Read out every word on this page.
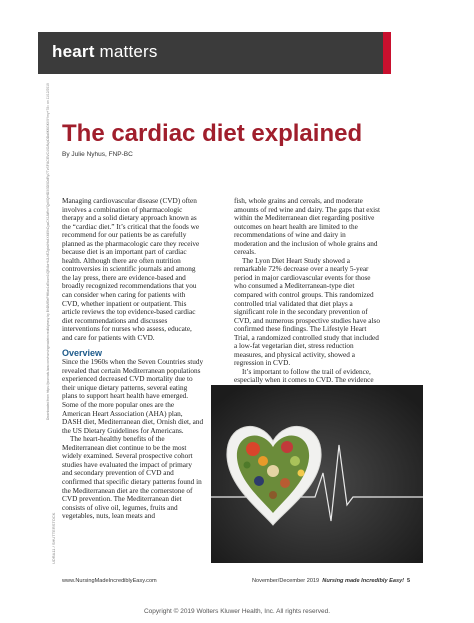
heart matters
The cardiac diet explained
By Julie Nyhus, FNP-BC
Downloaded from https://journals.lww.com/nursingmadeincrediblyeasy by BhDMf5ePHKav1zEoum1tQfN4a+kJLhEZgbsIHo4XMi0hCywCX1AWnYQp/IlQrHD3i3D0OdRyi7TvSFl4Cf3VC4/OAVpDDa8KKGKV0Ymy+78= on 11/12/2019
UDRA11 / SHUTTERSTOCK

Managing cardiovascular disease (CVD) often involves a combination of pharmacologic therapy and a solid dietary approach known as the “cardiac diet.” It’s critical that the foods we recommend for our patients be as carefully planned as the pharmacologic care they receive because diet is an important part of cardiac health. Although there are often nutrition controversies in scientific journals and among the lay press, there are evidence-based and broadly recognized recommendations that you can consider when caring for patients with CVD, whether inpatient or outpatient. This article reviews the top evidence-based cardiac diet recommendations and discusses interventions for nurses who assess, educate, and care for patients with CVD.

Overview

Since the 1960s when the Seven Countries study revealed that certain Mediterranean populations experienced decreased CVD mortality due to their unique dietary patterns, several eating plans to support heart health have emerged. Some of the more popular ones are the American Heart Association (AHA) plan, DASH diet, Mediterranean diet, Ornish diet, and the US Dietary Guidelines for Americans.

The heart-healthy benefits of the Mediterranean diet continue to be the most widely examined. Several prospective cohort studies have evaluated the impact of primary and secondary prevention of CVD and confirmed that specific dietary patterns found in the Mediterranean diet are the cornerstone of CVD prevention. The Mediterranean diet consists of olive oil, legumes, fruits and vegetables, nuts, lean meats and

fish, whole grains and cereals, and moderate amounts of red wine and dairy. The gaps that exist within the Mediterranean diet regarding positive outcomes on heart health are limited to the recommendations of wine and dairy in moderation and the inclusion of whole grains and cereals.

The Lyon Diet Heart Study showed a remarkable 72% decrease over a nearly 5-year period in major cardiovascular events for those who consumed a Mediterranean-type diet compared with control groups. This randomized controlled trial validated that diet plays a significant role in the secondary prevention of CVD, and numerous prospective studies have also confirmed these findings. The Lifestyle Heart Trial, a randomized controlled study that included a low-fat vegetarian diet, stress reduction measures, and physical activity, showed a regression in CVD.

It’s important to follow the trail of evidence, especially when it comes to CVD. The evidence

www.NursingMadeIncrediblyEasy.com	November/December 2019 Nursing made Incredibly Easy! 5
Copyright © 2019 Wolters Kluwer Health, Inc. All rights reserved.
